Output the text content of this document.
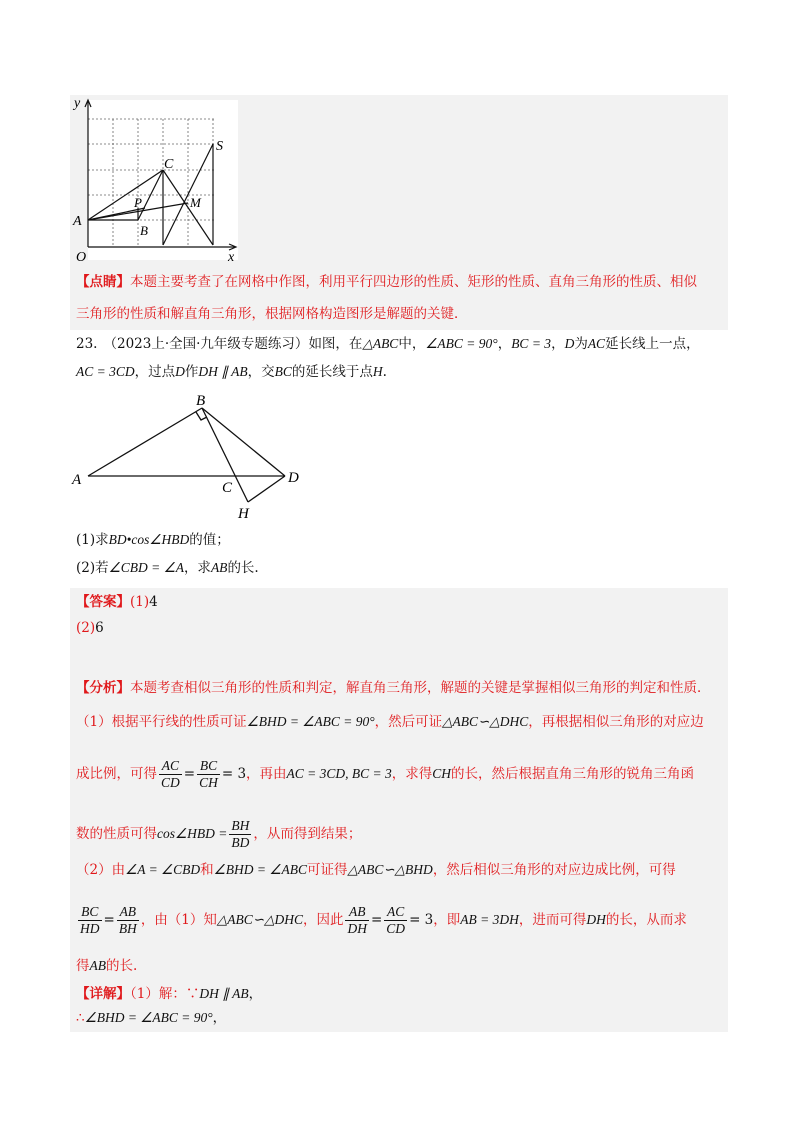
y
x
O
A
B
C
P	M
S
【点睛】本题主要考查了在网格中作图，利用平行四边形的性质、矩形的性质、直角三角形的性质、相似
三角形的性质和解直角三角形，根据网格构造图形是解题的关键．
23. （2023上·全国·九年级专题练习）如图，在△ABC中，∠ABC = 90°，BC = 3，D为AC延长线上一点，
AC = 3CD，过点D作DH ∥ AB，交BC的延长线于点H.
A
B
C
D
H
(1)求BD•cos∠HBD的值；
(2)若∠CBD = ∠A，求AB的长.
【答案】(1)4
(2)6
【分析】本题考查相似三角形的性质和判定，解直角三角形，解题的关键是掌握相似三角形的判定和性质．
（1）根据平行线的性质可证∠BHD = ∠ABC = 90°，然后可证△ABC∽△DHC，再根据相似三角形的对应边
成比例，可得 $\frac{AC}{CD} = \frac{BC}{CH} = 3$，再由AC = 3CD, BC = 3，求得CH的长，然后根据直角三角形的锐角三角函
数的性质可得cos∠HBD = $\frac{BH}{BD}$ ，从而得到结果；
（2）由∠A = ∠CBD和∠BHD = ∠ABC可证得△ABC∽△BHD，然后相似三角形的对应边成比例，可得
$\frac{BC}{HD} = \frac{AB}{BH}$ ，由（1）知△ABC∽△DHC，因此 $\frac{AB}{DH} = \frac{AC}{CD} = 3$，即AB = 3DH，进而可得DH的长，从而求
得AB的长.
【详解】（1）解：∵DH ∥ AB，
∴∠BHD = ∠ABC = 90°，
